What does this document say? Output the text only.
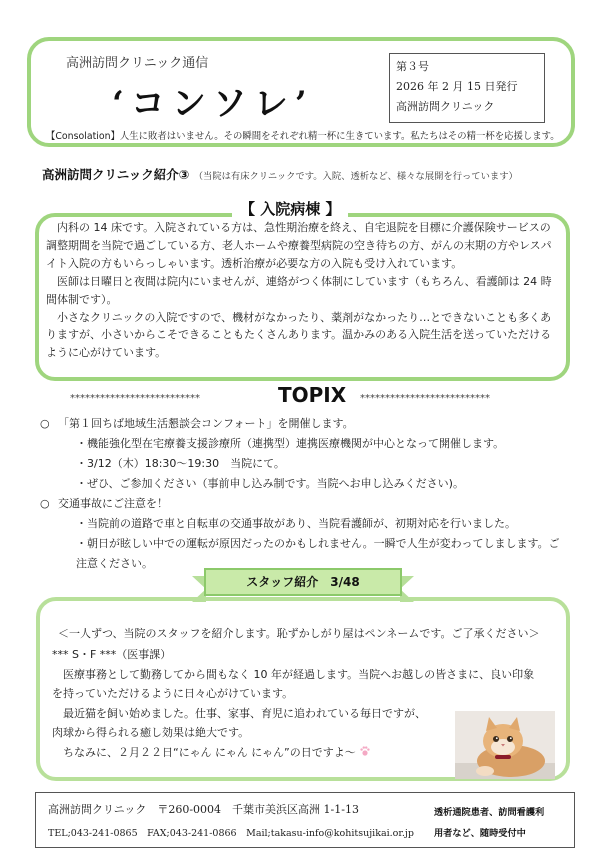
高洲訪問クリニック通信
‘コンソレ’
第３号
2026 年 2 月 15 日発行
高洲訪問クリニック
【Consolation】人生に敗者はいません。その瞬間をそれぞれ精一杯に生きています。私たちはその精一杯を応援します。
高洲訪問クリニック紹介③ （当院は有床クリニックです。入院、透析など、様々な展開を行っています）
【 入院病棟 】

内科の 14 床です。入院されている方は、急性期治療を終え、自宅退院を目標に介護保険サービスの調整期間を当院で過ごしている方、老人ホームや療養型病院の空き待ちの方、がんの末期の方やレスパイト入院の方もいらっしゃいます。透析治療が必要な方の入院も受け入れています。

医師は日曜日と夜間は院内にいませんが、連絡がつく体制にしています（もちろん、看護師は 24 時間体制です）。

小さなクリニックの入院ですので、機材がなかったり、薬剤がなかったり…とできないことも多くありますが、小さいからこそできることもたくさんあります。温かみのある入院生活を送っていただけるように心がけています。

**************************	TOPIX **************************
○ 「第１回ちば地域生活懇談会コンフォート」を開催します。
・機能強化型在宅療養支援診療所（連携型）連携医療機関が中心となって開催します。
・3/12（木）18:30～19:30　当院にて。
・ぜひ、ご参加ください（事前申し込み制です。当院へお申し込みください)。
○ 交通事故にご注意を！
・当院前の道路で車と自転車の交通事故があり、当院看護師が、初期対応を行いました。
・朝日が眩しい中での運転が原因だったのかもしれません。一瞬で人生が変わってしまします。ご注意ください。
スタッフ紹介　3/48
＜一人ずつ、当院のスタッフを紹介します。恥ずかしがり屋はペンネームです。ご了承ください＞
*** S・F ***（医事課）
医療事務として勤務してから間もなく 10 年が経過します。当院へお越しの皆さまに、良い印象
を持っていただけるように日々心がけています。
最近猫を飼い始めました。仕事、家事、育児に追われている毎日ですが、
肉球から得られる癒し効果は絶大です。
ちなみに、２月２２日“にゃん にゃん にゃん”の日ですよ～
高洲訪問クリニック　〒260-0004　千葉市美浜区高洲 1-1-13
TEL;043-241-0865　FAX;043-241-0866　Mail;takasu-info@kohitsujikai.or.jp
透析通院患者、訪問看護利
用者など、随時受付中
